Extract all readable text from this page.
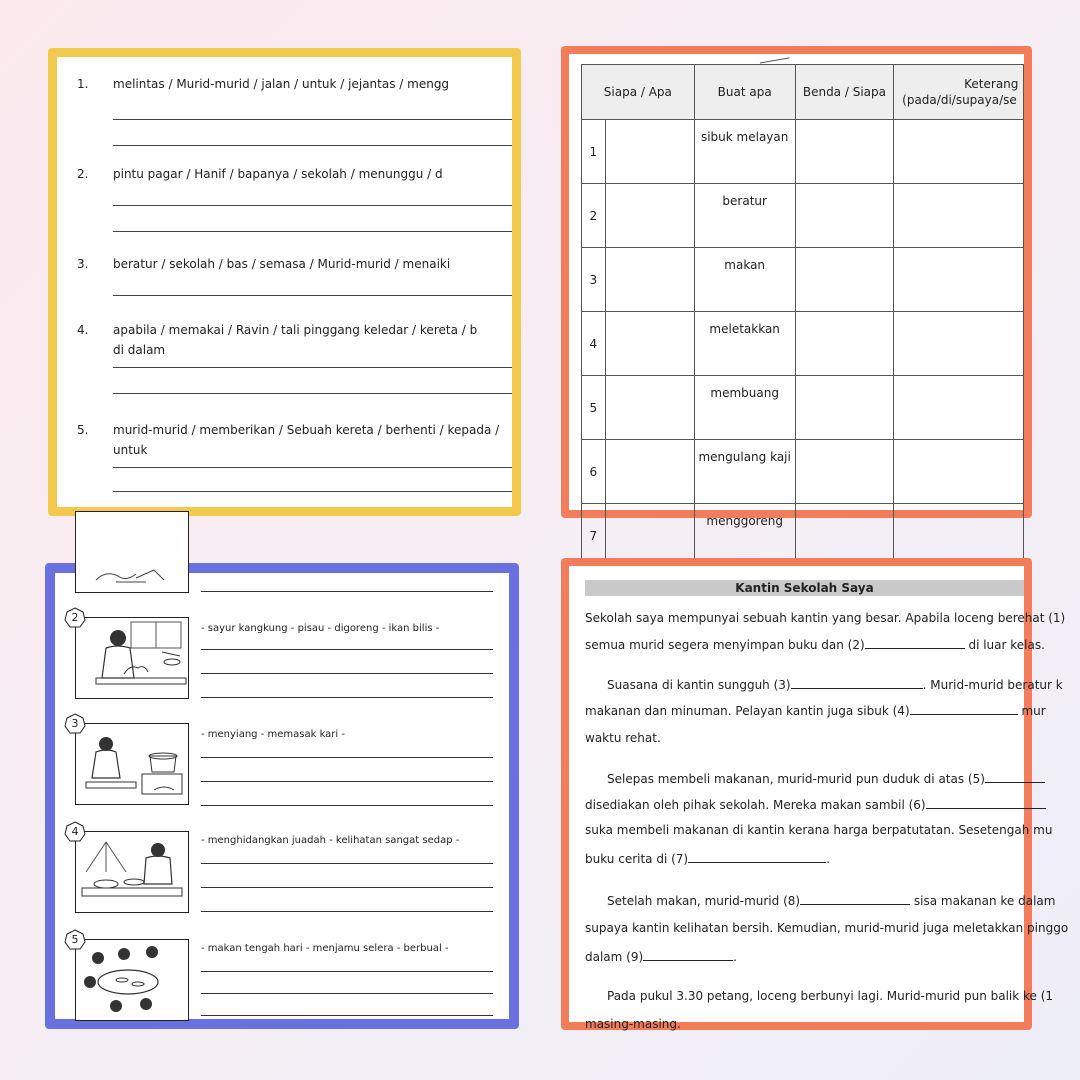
1. melintas / Murid-murid / jalan / untuk / jejantas / mengg
2. pintu pagar / Hanif / bapanya / sekolah / menunggu / d
3. beratur / sekolah / bas / semasa / Murid-murid / menaiki
4. apabila / memakai / Ravin / tali pinggang keledar / kereta / b
di dalam
5. murid-murid / memberikan / Sebuah kereta / berhenti / kepada /
untuk
Siapa / Apa		Buat apa	Benda / Siapa	Keterang
(pada/di/supaya/se

1		sibuk melayan		
2		beratur		
3		makan		
4		meletakkan		
5		membuang		
6		mengulang kaji		
7		menggoreng		
2
- sayur kangkung - pisau - digoreng - ikan bilis -
3
- menyiang - memasak kari -
4
- menghidangkan juadah - kelihatan sangat sedap -
5
- makan tengah hari - menjamu selera - berbual -
Kantin Sekolah Saya
Sekolah saya mempunyai sebuah kantin yang besar. Apabila loceng berehat (1)
semua murid segera menyimpan buku dan (2)	di luar kelas.
Suasana di kantin sungguh (3)	. Murid-murid beratur k
makanan dan minuman. Pelayan kantin juga sibuk (4)	mur
waktu rehat.
Selepas membeli makanan, murid-murid pun duduk di atas (5)
disediakan oleh pihak sekolah. Mereka makan sambil (6)
suka membeli makanan di kantin kerana harga berpatutatan. Sesetengah mu
buku cerita di (7)	.
Setelah makan, murid-murid (8)	sisa makanan ke dalam
supaya kantin kelihatan bersih. Kemudian, murid-murid juga meletakkan pinggo
dalam (9)	.
Pada pukul 3.30 petang, loceng berbunyi lagi. Murid-murid pun balik ke (1
masing-masing.
